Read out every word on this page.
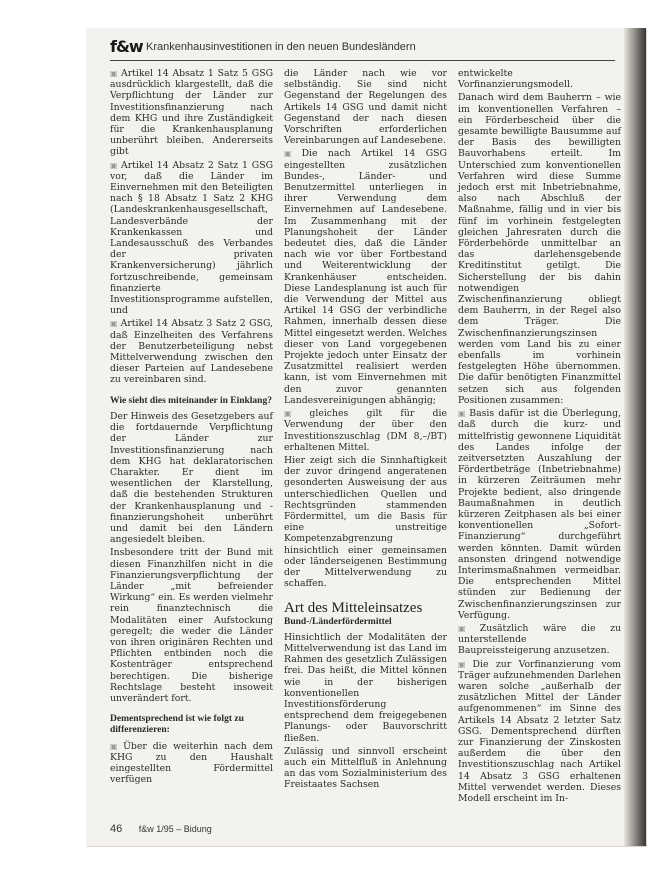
f&w Krankenhausinvestitionen in den neuen Bundesländern

▣ Artikel 14 Absatz 1 Satz 5 GSG ausdrücklich klargestellt, daß die Verpflichtung der Länder zur Investitionsfinanzierung nach dem KHG und ihre Zuständigkeit für die Krankenhausplanung unberührt bleiben. Andererseits gibt

▣ Artikel 14 Absatz 2 Satz 1 GSG vor, daß die Länder im Einvernehmen mit den Beteiligten nach § 18 Absatz 1 Satz 2 KHG (Landeskrankenhausgesellschaft, Landesverbände der Krankenkassen und Landesausschuß des Verbandes der privaten Krankenversicherung) jährlich fortzuschreibende, gemeinsam finanzierte Investitionsprogramme aufstellen, und

▣ Artikel 14 Absatz 3 Satz 2 GSG, daß Einzelheiten des Verfahrens der Benutzerbeteiligung nebst Mittelverwendung zwischen den dieser Parteien auf Landesebene zu vereinbaren sind.

Wie sieht dies miteinander in Einklang?

Der Hinweis des Gesetzgebers auf die fortdauernde Verpflichtung der Länder zur Investitionsfinanzierung nach dem KHG hat deklaratorischen Charakter. Er dient im wesentlichen der Klarstellung, daß die bestehenden Strukturen der Krankenhausplanung und -finanzierungshoheit unberührt und damit bei den Ländern angesiedelt bleiben.

Insbesondere tritt der Bund mit diesen Finanzhilfen nicht in die Finanzierungsverpflichtung der Länder „mit befreiender Wirkung“ ein. Es werden vielmehr rein finanztechnisch die Modalitäten einer Aufstockung geregelt; die weder die Länder von ihren originären Rechten und Pflichten entbinden noch die Kostenträger entsprechend berechtigen. Die bisherige Rechtslage besteht insoweit unverändert fort.

Dementsprechend ist wie folgt zu differenzieren:

▣ Über die weiterhin nach dem KHG zu den Haushalt eingestellten Fördermittel verfügen

die Länder nach wie vor selbständig. Sie sind nicht Gegenstand der Regelungen des Artikels 14 GSG und damit nicht Gegenstand der nach diesen Vorschriften erforderlichen Vereinbarungen auf Landesebene.

▣ Die nach Artikel 14 GSG eingestellten zusätzlichen Bundes-, Länder- und Benutzermittel unterliegen in ihrer Verwendung dem Einvernehmen auf Landesebene. Im Zusammenhang mit der Planungshoheit der Länder bedeutet dies, daß die Länder nach wie vor über Fortbestand und Weiterentwicklung der Krankenhäuser entscheiden. Diese Landesplanung ist auch für die Verwendung der Mittel aus Artikel 14 GSG der verbindliche Rahmen, innerhalb dessen diese Mittel eingesetzt werden. Welches dieser von Land vorgegebenen Projekte jedoch unter Einsatz der Zusatzmittel realisiert werden kann, ist vom Einvernehmen mit den zuvor genannten Landesvereinigungen abhängig;

▣ gleiches gilt für die Verwendung der über den Investitionszuschlag (DM 8,–/BT) erhaltenen Mittel.

Hier zeigt sich die Sinnhaftigkeit der zuvor dringend angeratenen gesonderten Ausweisung der aus unterschiedlichen Quellen und Rechtsgründen stammenden Fördermittel, um die Basis für eine unstreitige Kompetenzabgrenzung hinsichtlich einer gemeinsamen oder länderseigenen Bestimmung der Mittelverwendung zu schaffen.

Art des Mitteleinsatzes
Bund-/Länderfördermittel

Hinsichtlich der Modalitäten der Mittelverwendung ist das Land im Rahmen des gesetzlich Zulässigen frei. Das heißt, die Mittel können wie in der bisherigen konventionellen Investitionsförderung entsprechend dem freigegebenen Planungs- oder Bauvorschritt fließen.

Zulässig und sinnvoll erscheint auch ein Mittelfluß in Anlehnung an das vom Sozialministerium des Freistaates Sachsen

entwickelte Vorfinanzierungsmodell.

Danach wird dem Bauherrn – wie im konventionellen Verfahren – ein Förderbescheid über die gesamte bewilligte Bausumme auf der Basis des bewilligten Bauvorhabens erteilt. Im Unterschied zum konventionellen Verfahren wird diese Summe jedoch erst mit Inbetriebnahme, also nach Abschluß der Maßnahme, fällig und in vier bis fünf im vorhinein festgelegten gleichen Jahresraten durch die Förderbehörde unmittelbar an das darlehensgebende Kreditinstitut getilgt. Die Sicherstellung der bis dahin notwendigen Zwischenfinanzierung obliegt dem Bauherrn, in der Regel also dem Träger. Die Zwischenfinanzierungszinsen werden vom Land bis zu einer ebenfalls im vorhinein festgelegten Höhe übernommen. Die dafür benötigten Finanzmittel setzen sich aus folgenden Positionen zusammen:

▣ Basis dafür ist die Überlegung, daß durch die kurz- und mittelfristig gewonnene Liquidität des Landes infolge der zeitversetzten Auszahlung der Fördertbeträge (Inbetriebnahme) in kürzeren Zeiträumen mehr Projekte bedient, also dringende Baumaßnahmen in deutlich kürzeren Zeitphasen als bei einer konventionellen „Sofort-Finanzierung“ durchgeführt werden könnten. Damit würden ansonsten dringend notwendige Interimsmaßnahmen vermeidbar. Die entsprechenden Mittel stünden zur Bedienung der Zwischenfinanzierungszinsen zur Verfügung.

▣ Zusätzlich wäre die zu unterstellende Baupreissteigerung anzusetzen.

▣ Die zur Vorfinanzierung vom Träger aufzunehmenden Darlehen waren solche „außerhalb der zusätzlichen Mittel der Länder aufgenommenen“ im Sinne des Artikels 14 Absatz 2 letzter Satz GSG. Dementsprechend dürften zur Finanzierung der Zinskosten außerdem die über den Investitionszuschlag nach Artikel 14 Absatz 3 GSG erhaltenen Mittel verwendet werden. Dieses Modell erscheint im In-

46 f&w 1/95 – Bidung
